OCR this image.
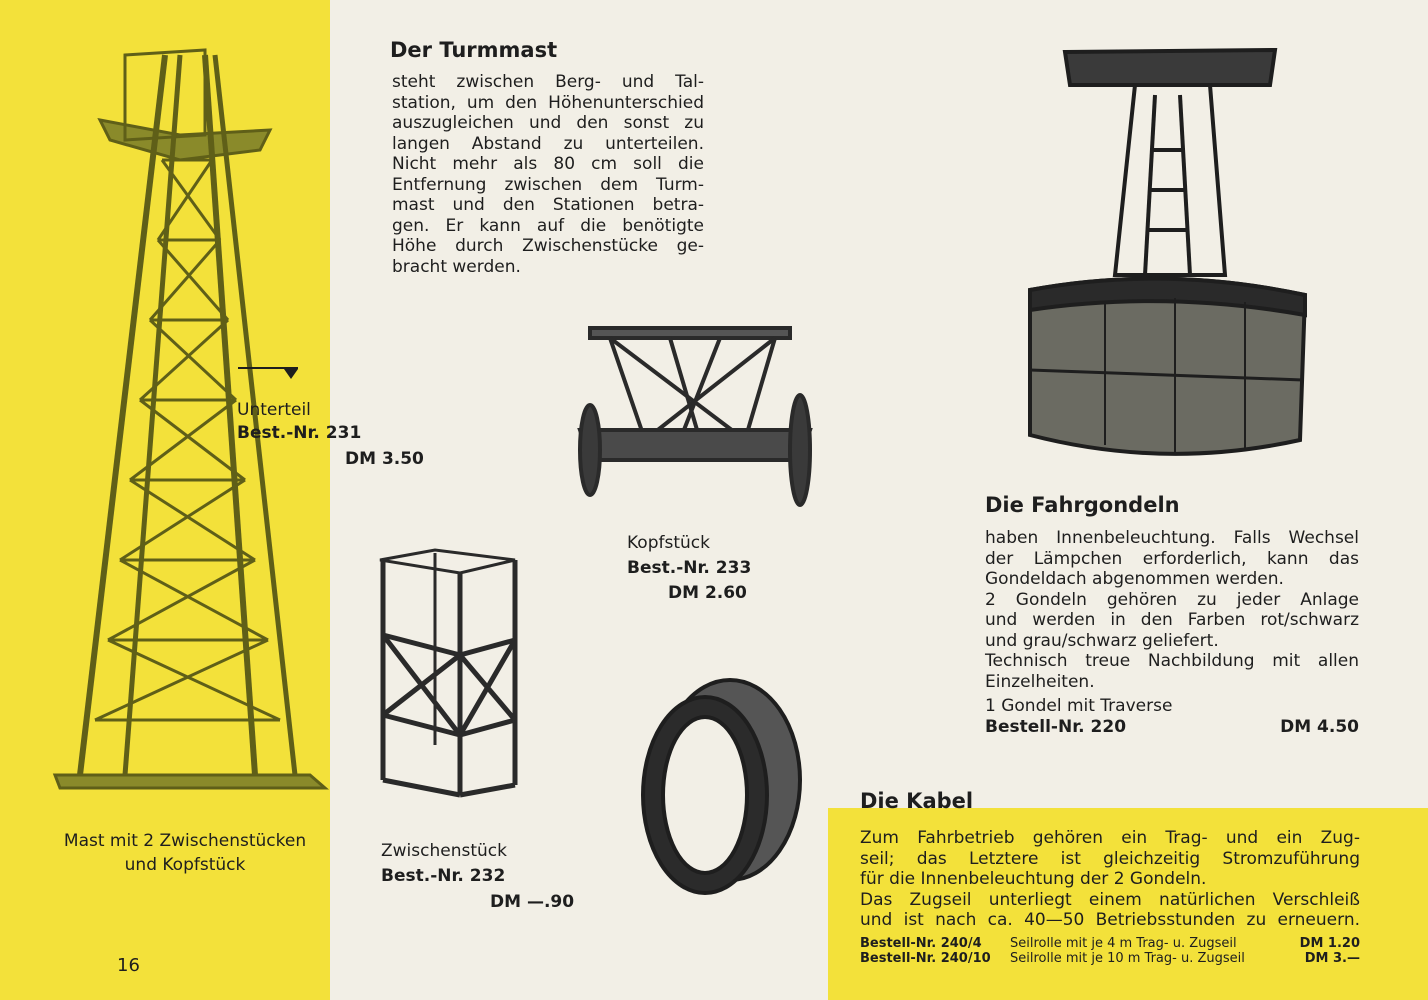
Unterteil
Best.-Nr. 231
DM 3.50
Mast mit 2 Zwischenstücken
und Kopfstück
16
Der Turmmast
steht zwischen Berg- und Tal-
station, um den Höhenunterschied
auszugleichen und den sonst zu
langen Abstand zu unterteilen.
Nicht mehr als 80 cm soll die
Entfernung zwischen dem Turm-
mast und den Stationen betra-
gen. Er kann auf die benötigte
Höhe durch Zwischenstücke ge-
bracht werden.
Kopfstück
Best.-Nr. 233
DM 2.60
Zwischenstück
Best.-Nr. 232
DM —.90
Die Fahrgondeln
haben Innenbeleuchtung. Falls Wechsel
der Lämpchen erforderlich, kann das
Gondeldach abgenommen werden.
2 Gondeln gehören zu jeder Anlage
und werden in den Farben rot/schwarz
und grau/schwarz geliefert.
Technisch treue Nachbildung mit allen
Einzelheiten.
1 Gondel mit Traverse
Bestell-Nr. 220	DM 4.50
Die Kabel
Zum Fahrbetrieb gehören ein Trag- und ein Zug-
seil; das Letztere ist gleichzeitig Stromzuführung
für die Innenbeleuchtung der 2 Gondeln.
Das Zugseil unterliegt einem natürlichen Verschleiß
und ist nach ca. 40—50 Betriebsstunden zu erneuern.
Bestell-Nr. 240/4	Seilrolle mit je 4 m Trag- u. Zugseil	DM 1.20
Bestell-Nr. 240/10	Seilrolle mit je 10 m Trag- u. Zugseil	DM 3.—
